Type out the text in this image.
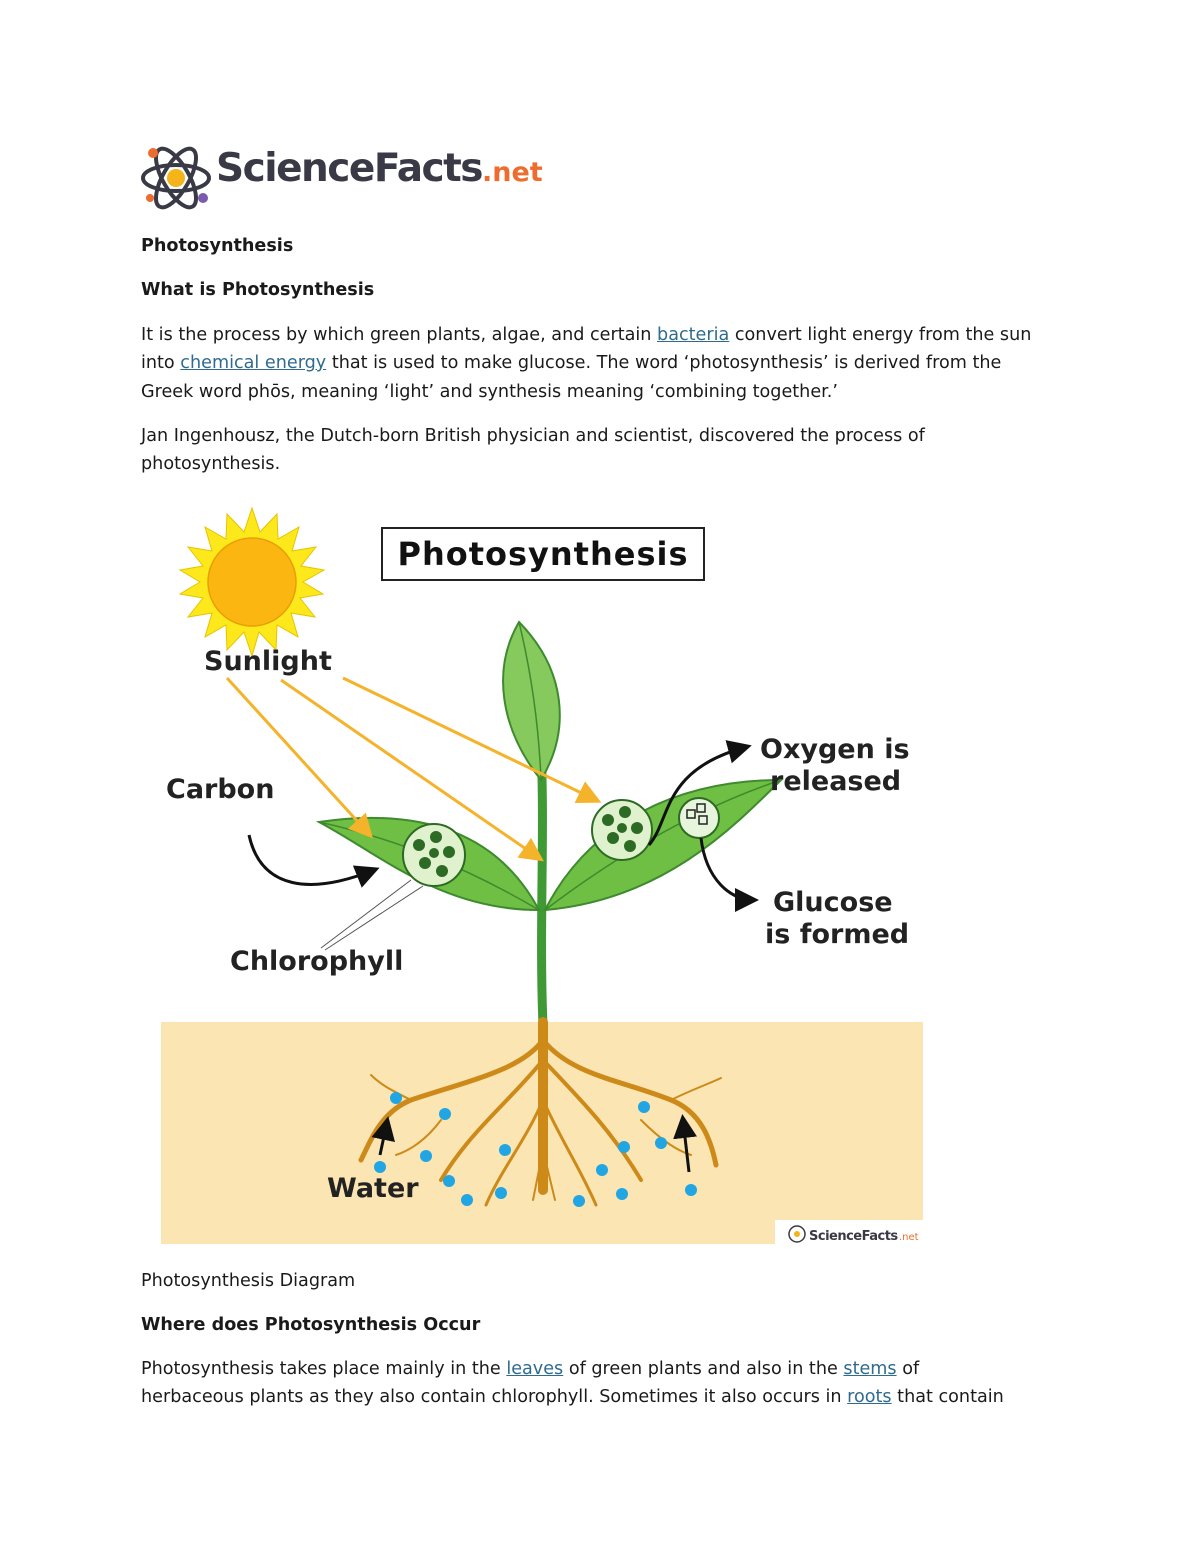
ScienceFacts.net
Photosynthesis
What is Photosynthesis
It is the process by which green plants, algae, and certain bacteria convert light energy from the sun
into chemical energy that is used to make glucose. The word ‘photosynthesis’ is derived from the
Greek word phōs, meaning ‘light’ and synthesis meaning ‘combining together.’
Jan Ingenhousz, the Dutch-born British physician and scientist, discovered the process of
photosynthesis.
Photosynthesis
Sunlight
Carbon
Chlorophyll
Oxygen is
released
Glucose
is formed
Water
ScienceFacts .net
Photosynthesis Diagram
Where does Photosynthesis Occur
Photosynthesis takes place mainly in the leaves of green plants and also in the stems of
herbaceous plants as they also contain chlorophyll. Sometimes it also occurs in roots that contain
